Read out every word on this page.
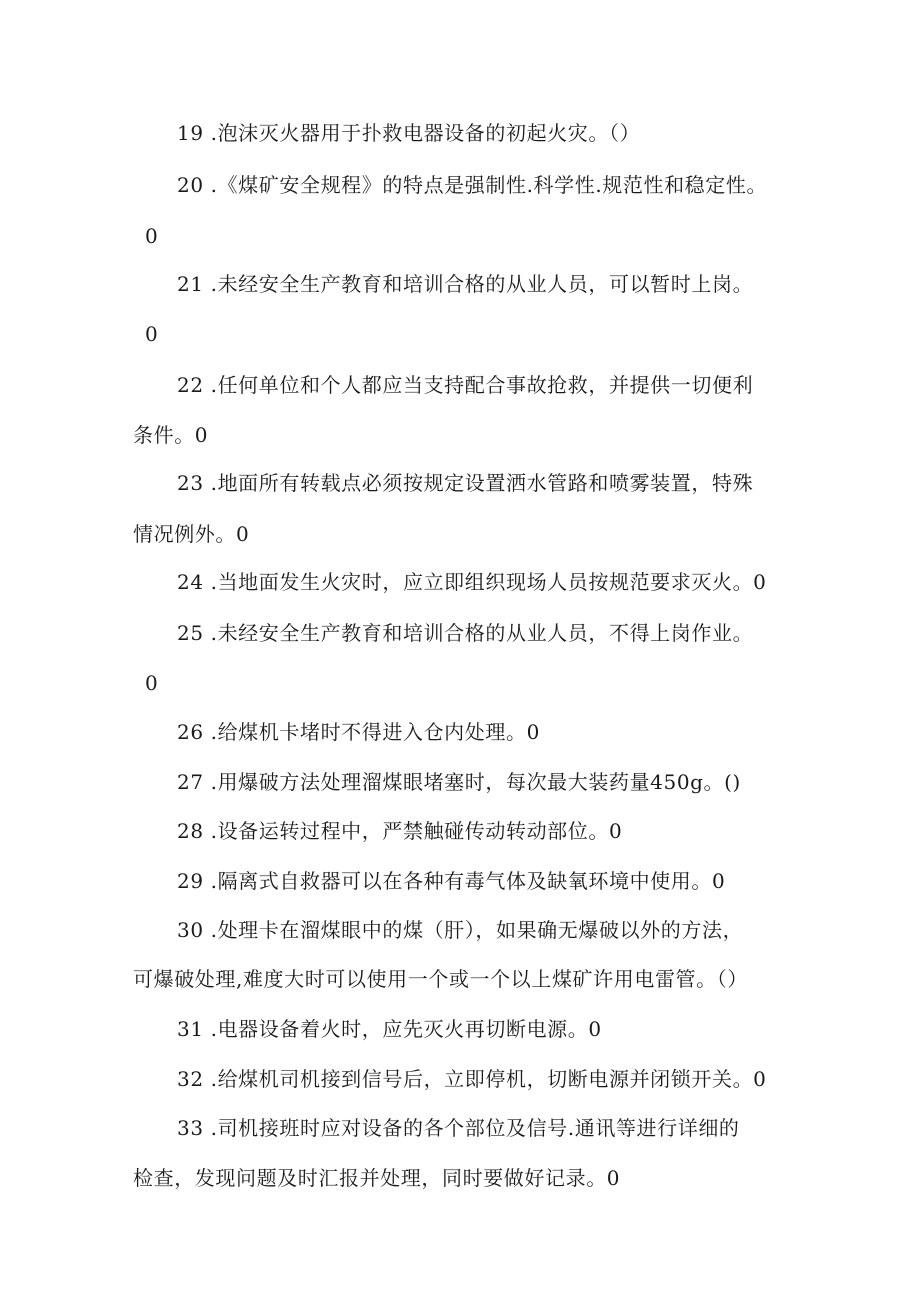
19 .泡沫灭火器用于扑救电器设备的初起火灾。（）
20 .《煤矿安全规程》的特点是强制性.科学性.规范性和稳定性。
0
21 .未经安全生产教育和培训合格的从业人员，可以暂时上岗。
0
22 .任何单位和个人都应当支持配合事故抢救，并提供一切便利
条件。0
23 .地面所有转载点必须按规定设置洒水管路和喷雾装置，特殊
情况例外。0
24 .当地面发生火灾时，应立即组织现场人员按规范要求灭火。0
25 .未经安全生产教育和培训合格的从业人员，不得上岗作业。
0
26 .给煤机卡堵时不得进入仓内处理。0
27 .用爆破方法处理溜煤眼堵塞时，每次最大装药量450g。()
28 .设备运转过程中，严禁触碰传动转动部位。0
29 .隔离式自救器可以在各种有毒气体及缺氧环境中使用。0
30 .处理卡在溜煤眼中的煤（肝），如果确无爆破以外的方法，
可爆破处理,难度大时可以使用一个或一个以上煤矿许用电雷管。（）
31 .电器设备着火时，应先灭火再切断电源。0
32 .给煤机司机接到信号后，立即停机，切断电源并闭锁开关。0
33 .司机接班时应对设备的各个部位及信号.通讯等进行详细的
检查，发现问题及时汇报并处理，同时要做好记录。0
